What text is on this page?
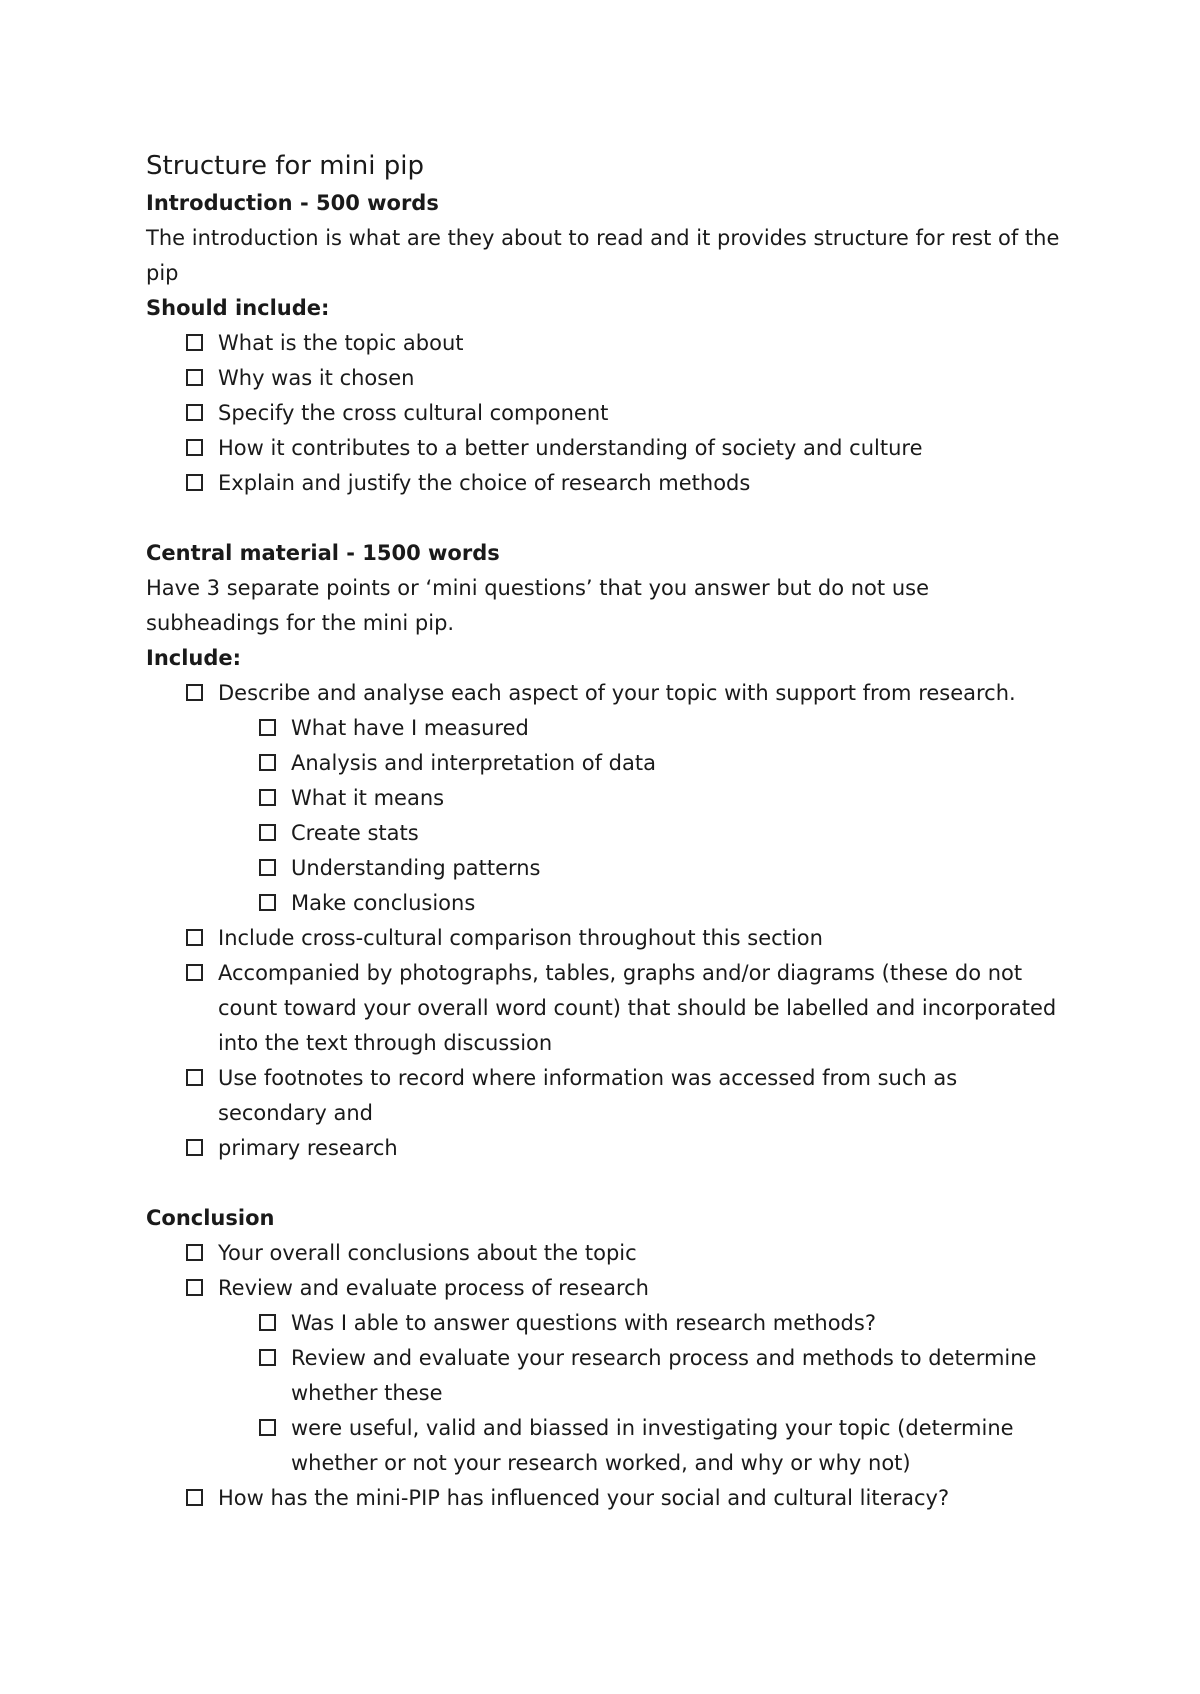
Structure for mini pip

Introduction - 500 words

The introduction is what are they about to read and it provides structure for rest of the pip

Should include:

What is the topic about
Why was it chosen
Specify the cross cultural component
How it contributes to a better understanding of society and culture
Explain and justify the choice of research methods

Central material - 1500 words

Have 3 separate points or ‘mini questions’ that you answer but do not use subheadings for the mini pip.

Include:

Describe and analyse each aspect of your topic with support from research.
What have I measured
Analysis and interpretation of data
What it means
Create stats
Understanding patterns
Make conclusions
Include cross-cultural comparison throughout this section
Accompanied by photographs, tables, graphs and/or diagrams (these do not count toward your overall word count) that should be labelled and incorporated into the text through discussion
Use footnotes to record where information was accessed from such as secondary and
primary research

Conclusion

Your overall conclusions about the topic
Review and evaluate process of research
Was I able to answer questions with research methods?
Review and evaluate your research process and methods to determine whether these
were useful, valid and biassed in investigating your topic (determine whether or not your research worked, and why or why not)
How has the mini-PIP has influenced your social and cultural literacy?
